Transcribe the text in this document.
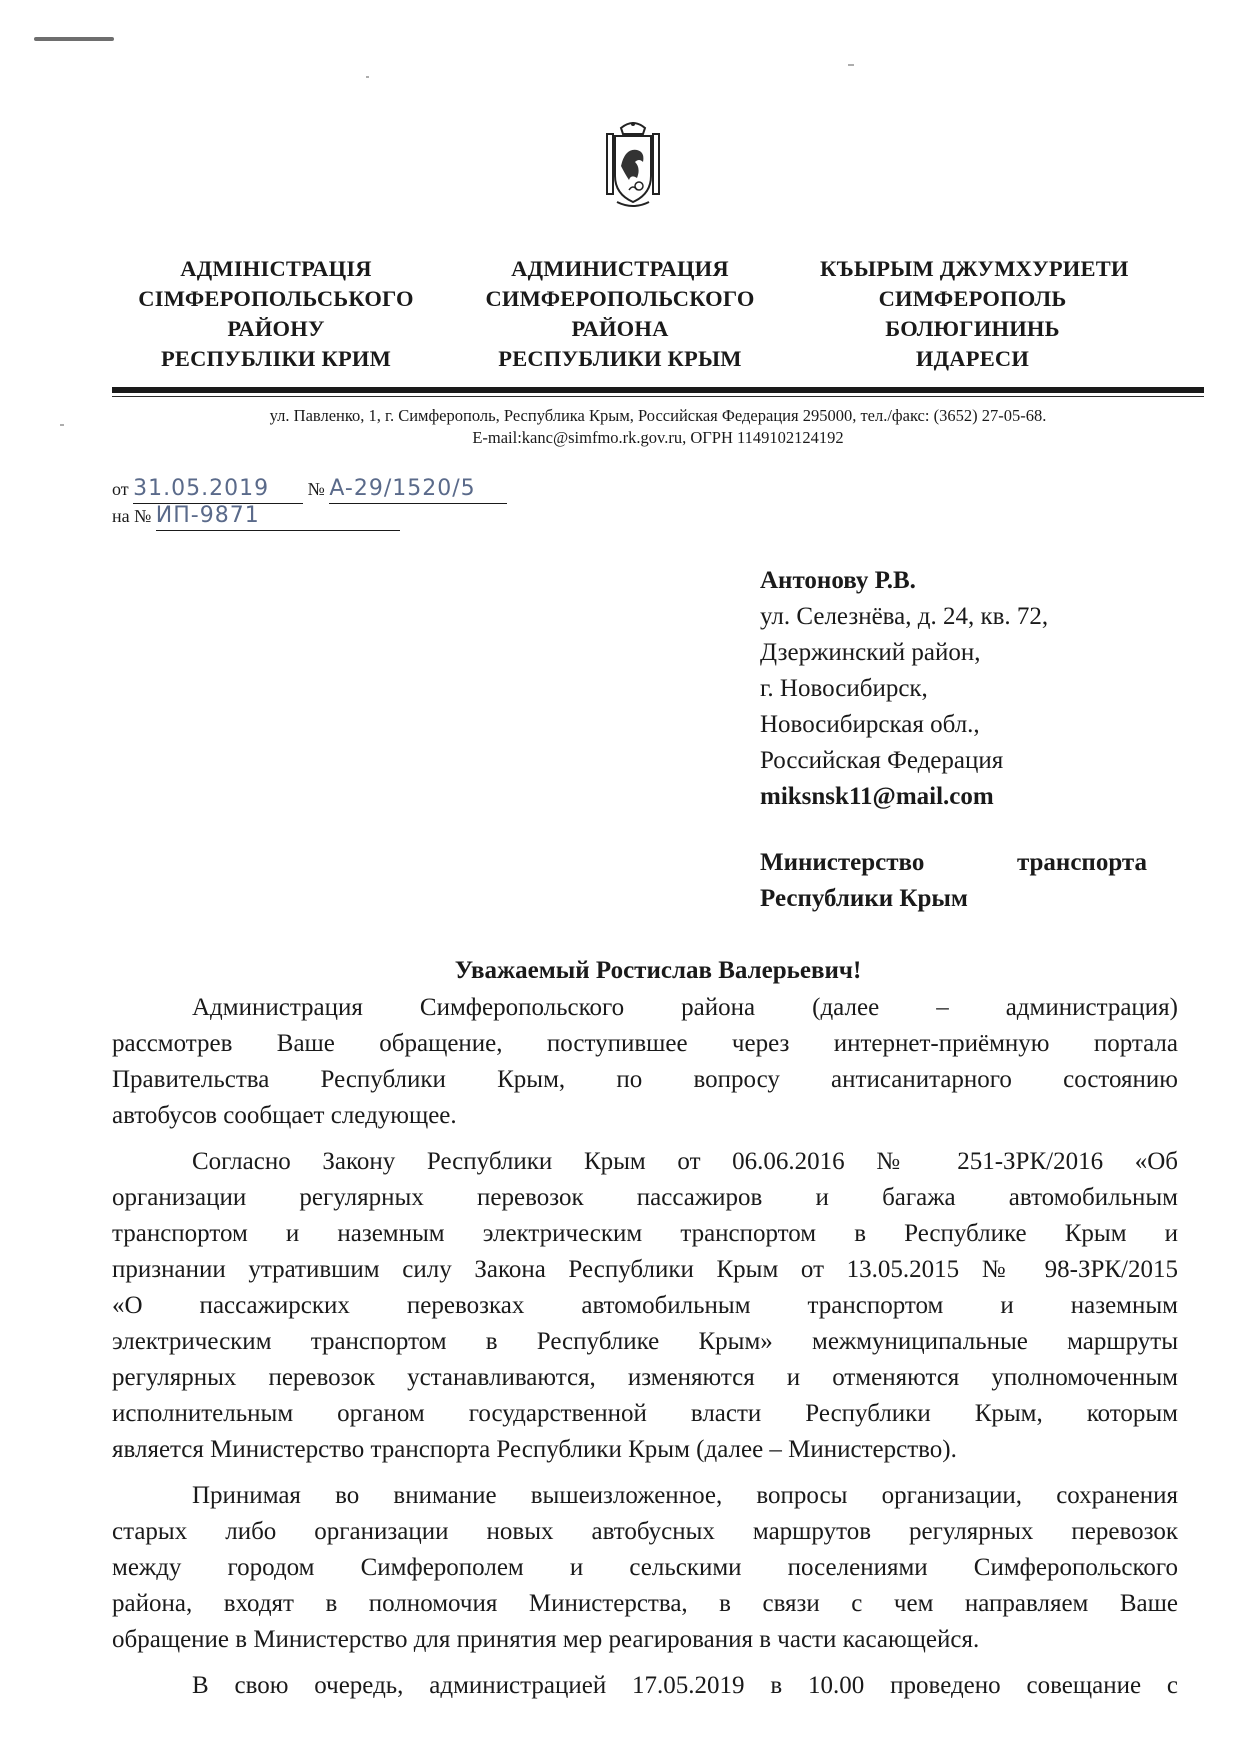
АДМІНІСТРАЦІЯ
СІМФЕРОПОЛЬСЬКОГО
РАЙОНУ
РЕСПУБЛІКИ КРИМ
АДМИНИСТРАЦИЯ
СИМФЕРОПОЛЬСКОГО
РАЙОНА
РЕСПУБЛИКИ КРЫМ
КЪЫРЫМ ДЖУМХУРИЕТИ
СИМФЕРОПОЛЬ
БОЛЮГИНИНЬ
ИДАРЕСИ
ул. Павленко, 1, г. Симферополь, Республика Крым, Российская Федерация 295000, тел./факс: (3652) 27-05-68.
E-mail:kanc@simfmo.rk.gov.ru, ОГРН 1149102124192
от 31.05.2019 № A-29/1520/5
на № ИП-9871
Антонову Р.В.
ул. Селезнёва, д. 24, кв. 72,
Дзержинский район,
г. Новосибирск,
Новосибирская обл.,
Российская Федерация
miksnsk11@mail.com
Министерство	транспорта
Республики Крым
Уважаемый Ростислав Валерьевич!
Администрация Симферопольского района (далее – администрация)
рассмотрев Ваше обращение, поступившее через интернет-приёмную портала
Правительства Республики Крым, по вопросу антисанитарного состоянию
автобусов сообщает следующее.
Согласно Закону Республики Крым от 06.06.2016 № 251-ЗРК/2016 «Об
организации регулярных перевозок пассажиров и багажа автомобильным
транспортом и наземным электрическим транспортом в Республике Крым и
признании утратившим силу Закона Республики Крым от 13.05.2015 № 98-ЗРК/2015
«О пассажирских перевозках автомобильным транспортом и наземным
электрическим транспортом в Республике Крым» межмуниципальные маршруты
регулярных перевозок устанавливаются, изменяются и отменяются уполномоченным
исполнительным органом государственной власти Республики Крым, которым
является Министерство транспорта Республики Крым (далее – Министерство).
Принимая во внимание вышеизложенное, вопросы организации, сохранения
старых либо организации новых автобусных маршрутов регулярных перевозок
между городом Симферополем и сельскими поселениями Симферопольского
района, входят в полномочия Министерства, в связи с чем направляем Ваше
обращение в Министерство для принятия мер реагирования в части касающейся.
В свою очередь, администрацией 17.05.2019 в 10.00 проведено совещание с
